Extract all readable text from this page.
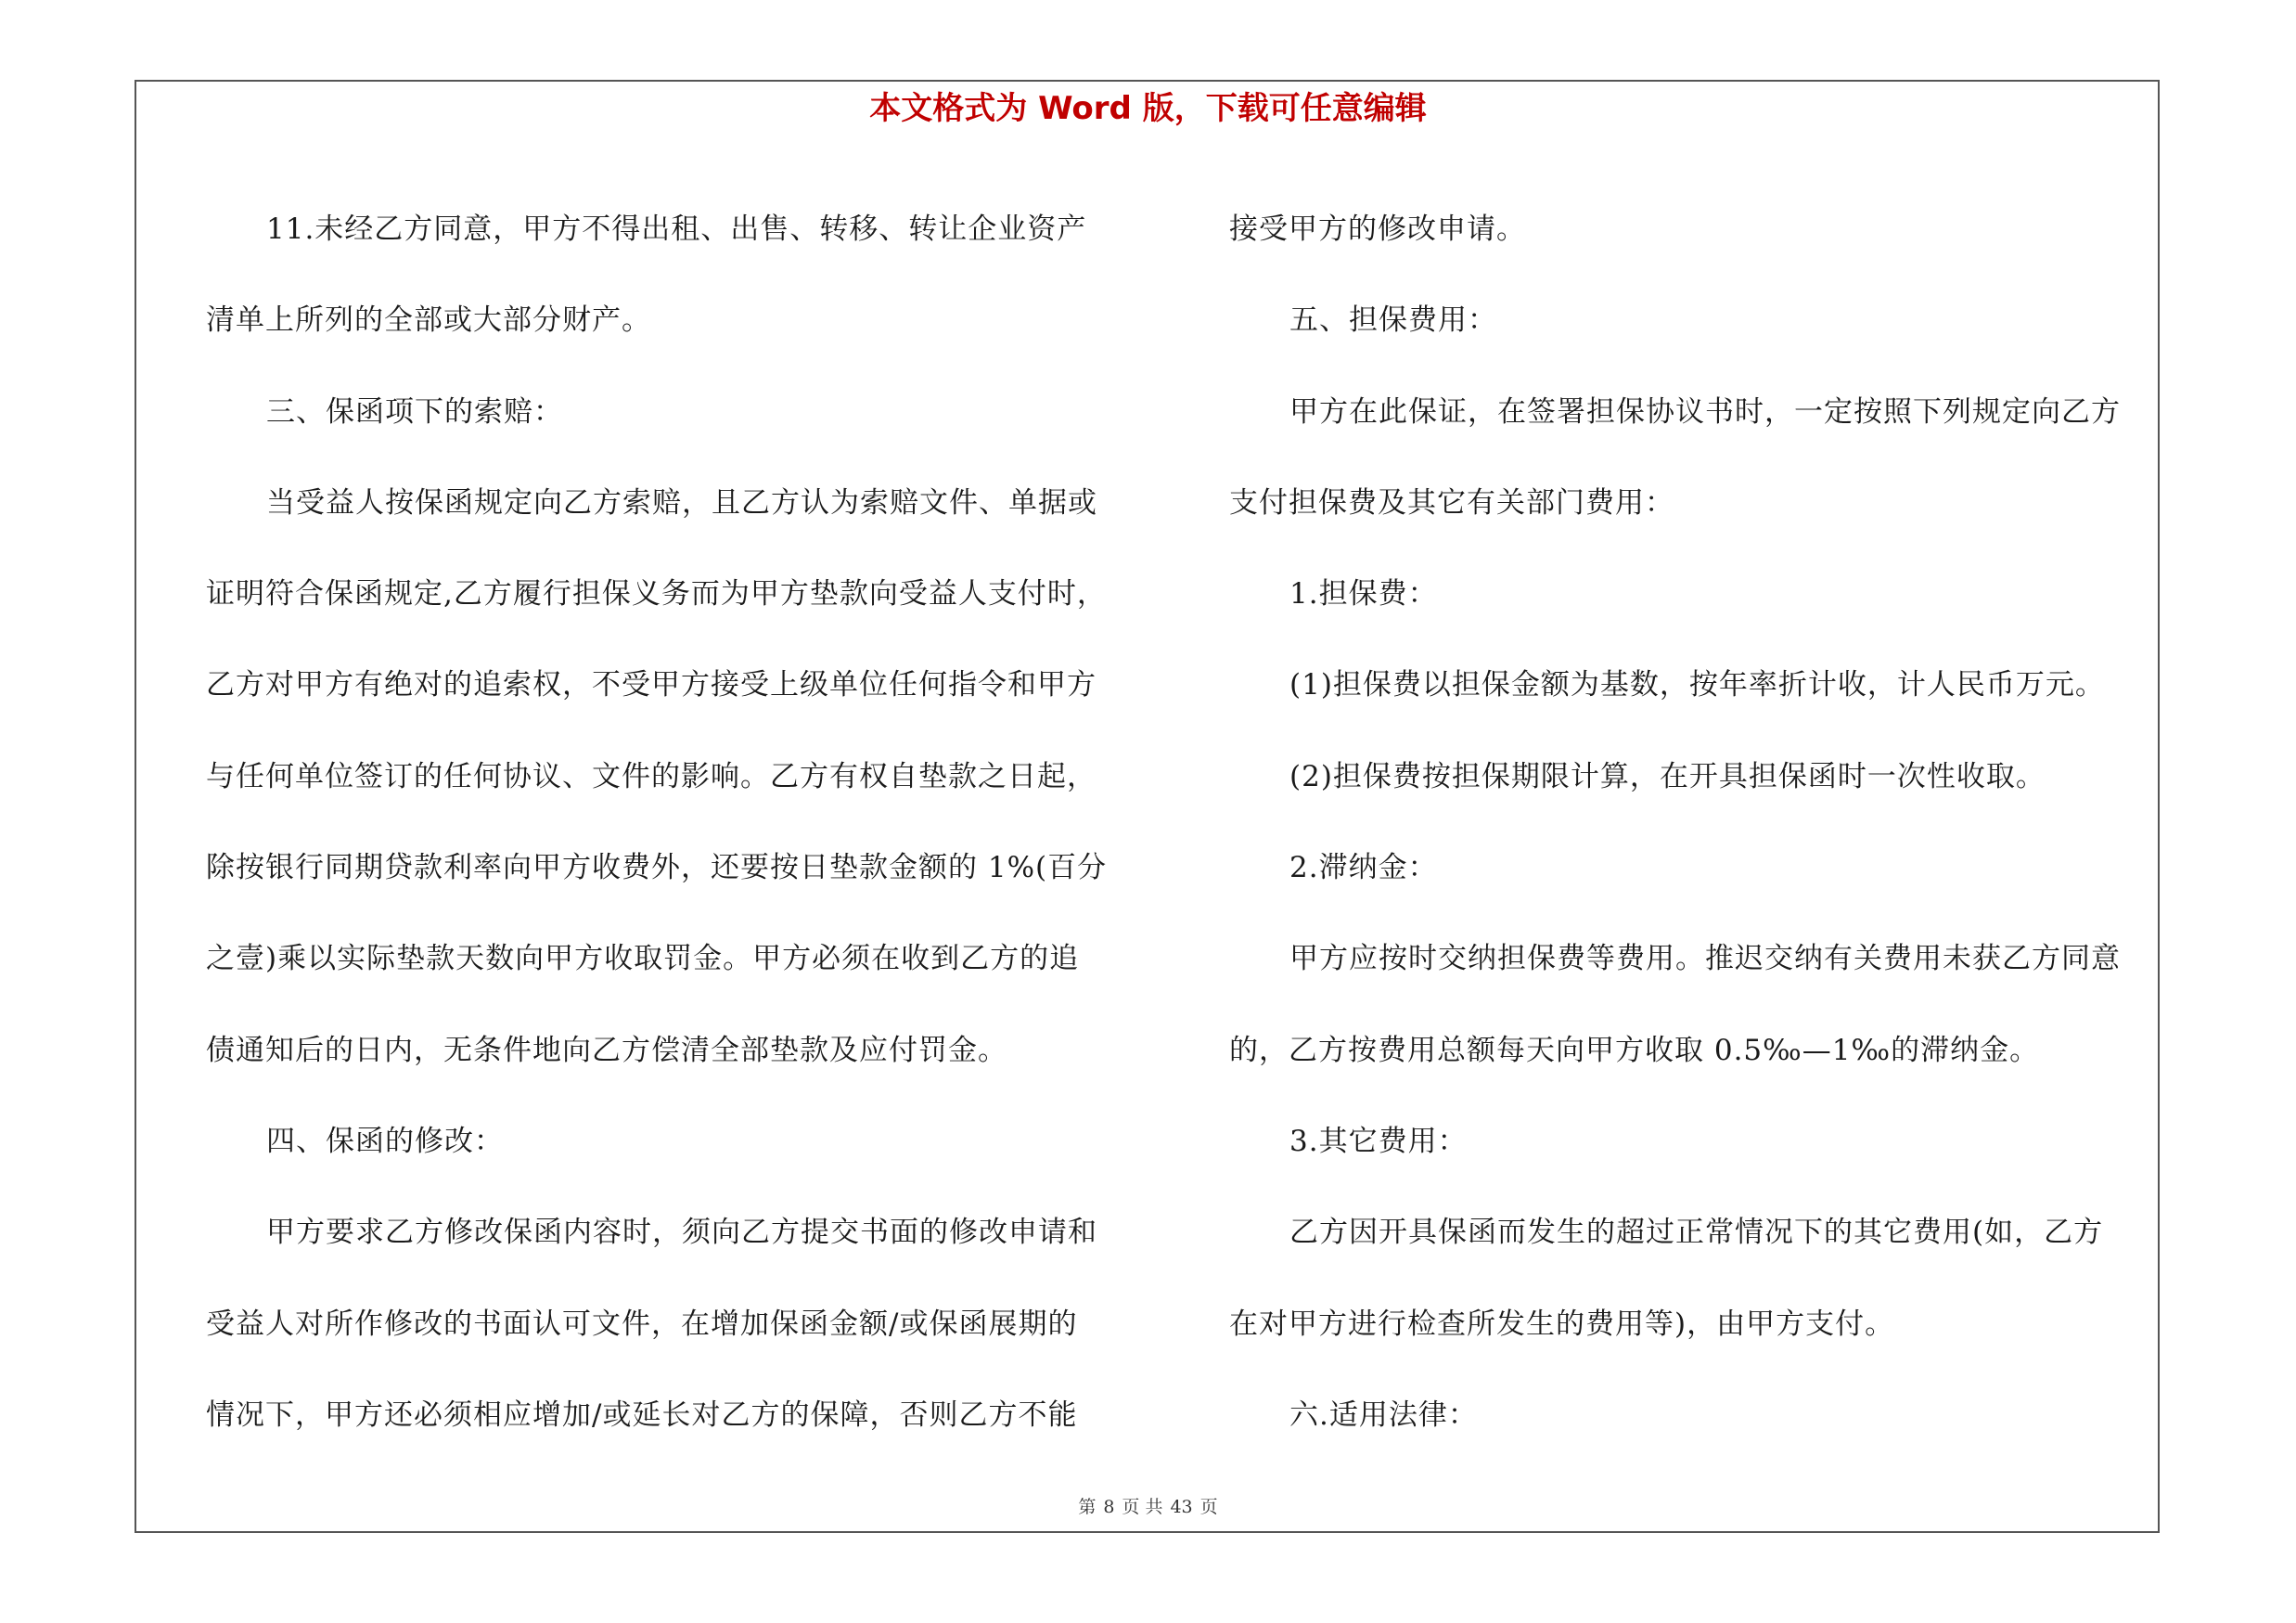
本文格式为 Word 版，下载可任意编辑

11.未经乙方同意，甲方不得出租、出售、转移、转让企业资产

清单上所列的全部或大部分财产。

三、保函项下的索赔：

当受益人按保函规定向乙方索赔，且乙方认为索赔文件、单据或

证明符合保函规定,乙方履行担保义务而为甲方垫款向受益人支付时，

乙方对甲方有绝对的追索权，不受甲方接受上级单位任何指令和甲方

与任何单位签订的任何协议、文件的影响。乙方有权自垫款之日起，

除按银行同期贷款利率向甲方收费外，还要按日垫款金额的 1%(百分

之壹)乘以实际垫款天数向甲方收取罚金。甲方必须在收到乙方的追

债通知后的日内，无条件地向乙方偿清全部垫款及应付罚金。

四、保函的修改：

甲方要求乙方修改保函内容时，须向乙方提交书面的修改申请和

受益人对所作修改的书面认可文件，在增加保函金额/或保函展期的

情况下，甲方还必须相应增加/或延长对乙方的保障，否则乙方不能

接受甲方的修改申请。

五、担保费用：

甲方在此保证，在签署担保协议书时，一定按照下列规定向乙方

支付担保费及其它有关部门费用：

1.担保费：

(1)担保费以担保金额为基数，按年率折计收，计人民币万元。

(2)担保费按担保期限计算，在开具担保函时一次性收取。

2.滞纳金：

甲方应按时交纳担保费等费用。推迟交纳有关费用未获乙方同意

的，乙方按费用总额每天向甲方收取 0.5‰—1‰的滞纳金。

3.其它费用：

乙方因开具保函而发生的超过正常情况下的其它费用(如，乙方

在对甲方进行检查所发生的费用等)，由甲方支付。

六.适用法律：

第 8 页 共 43 页
